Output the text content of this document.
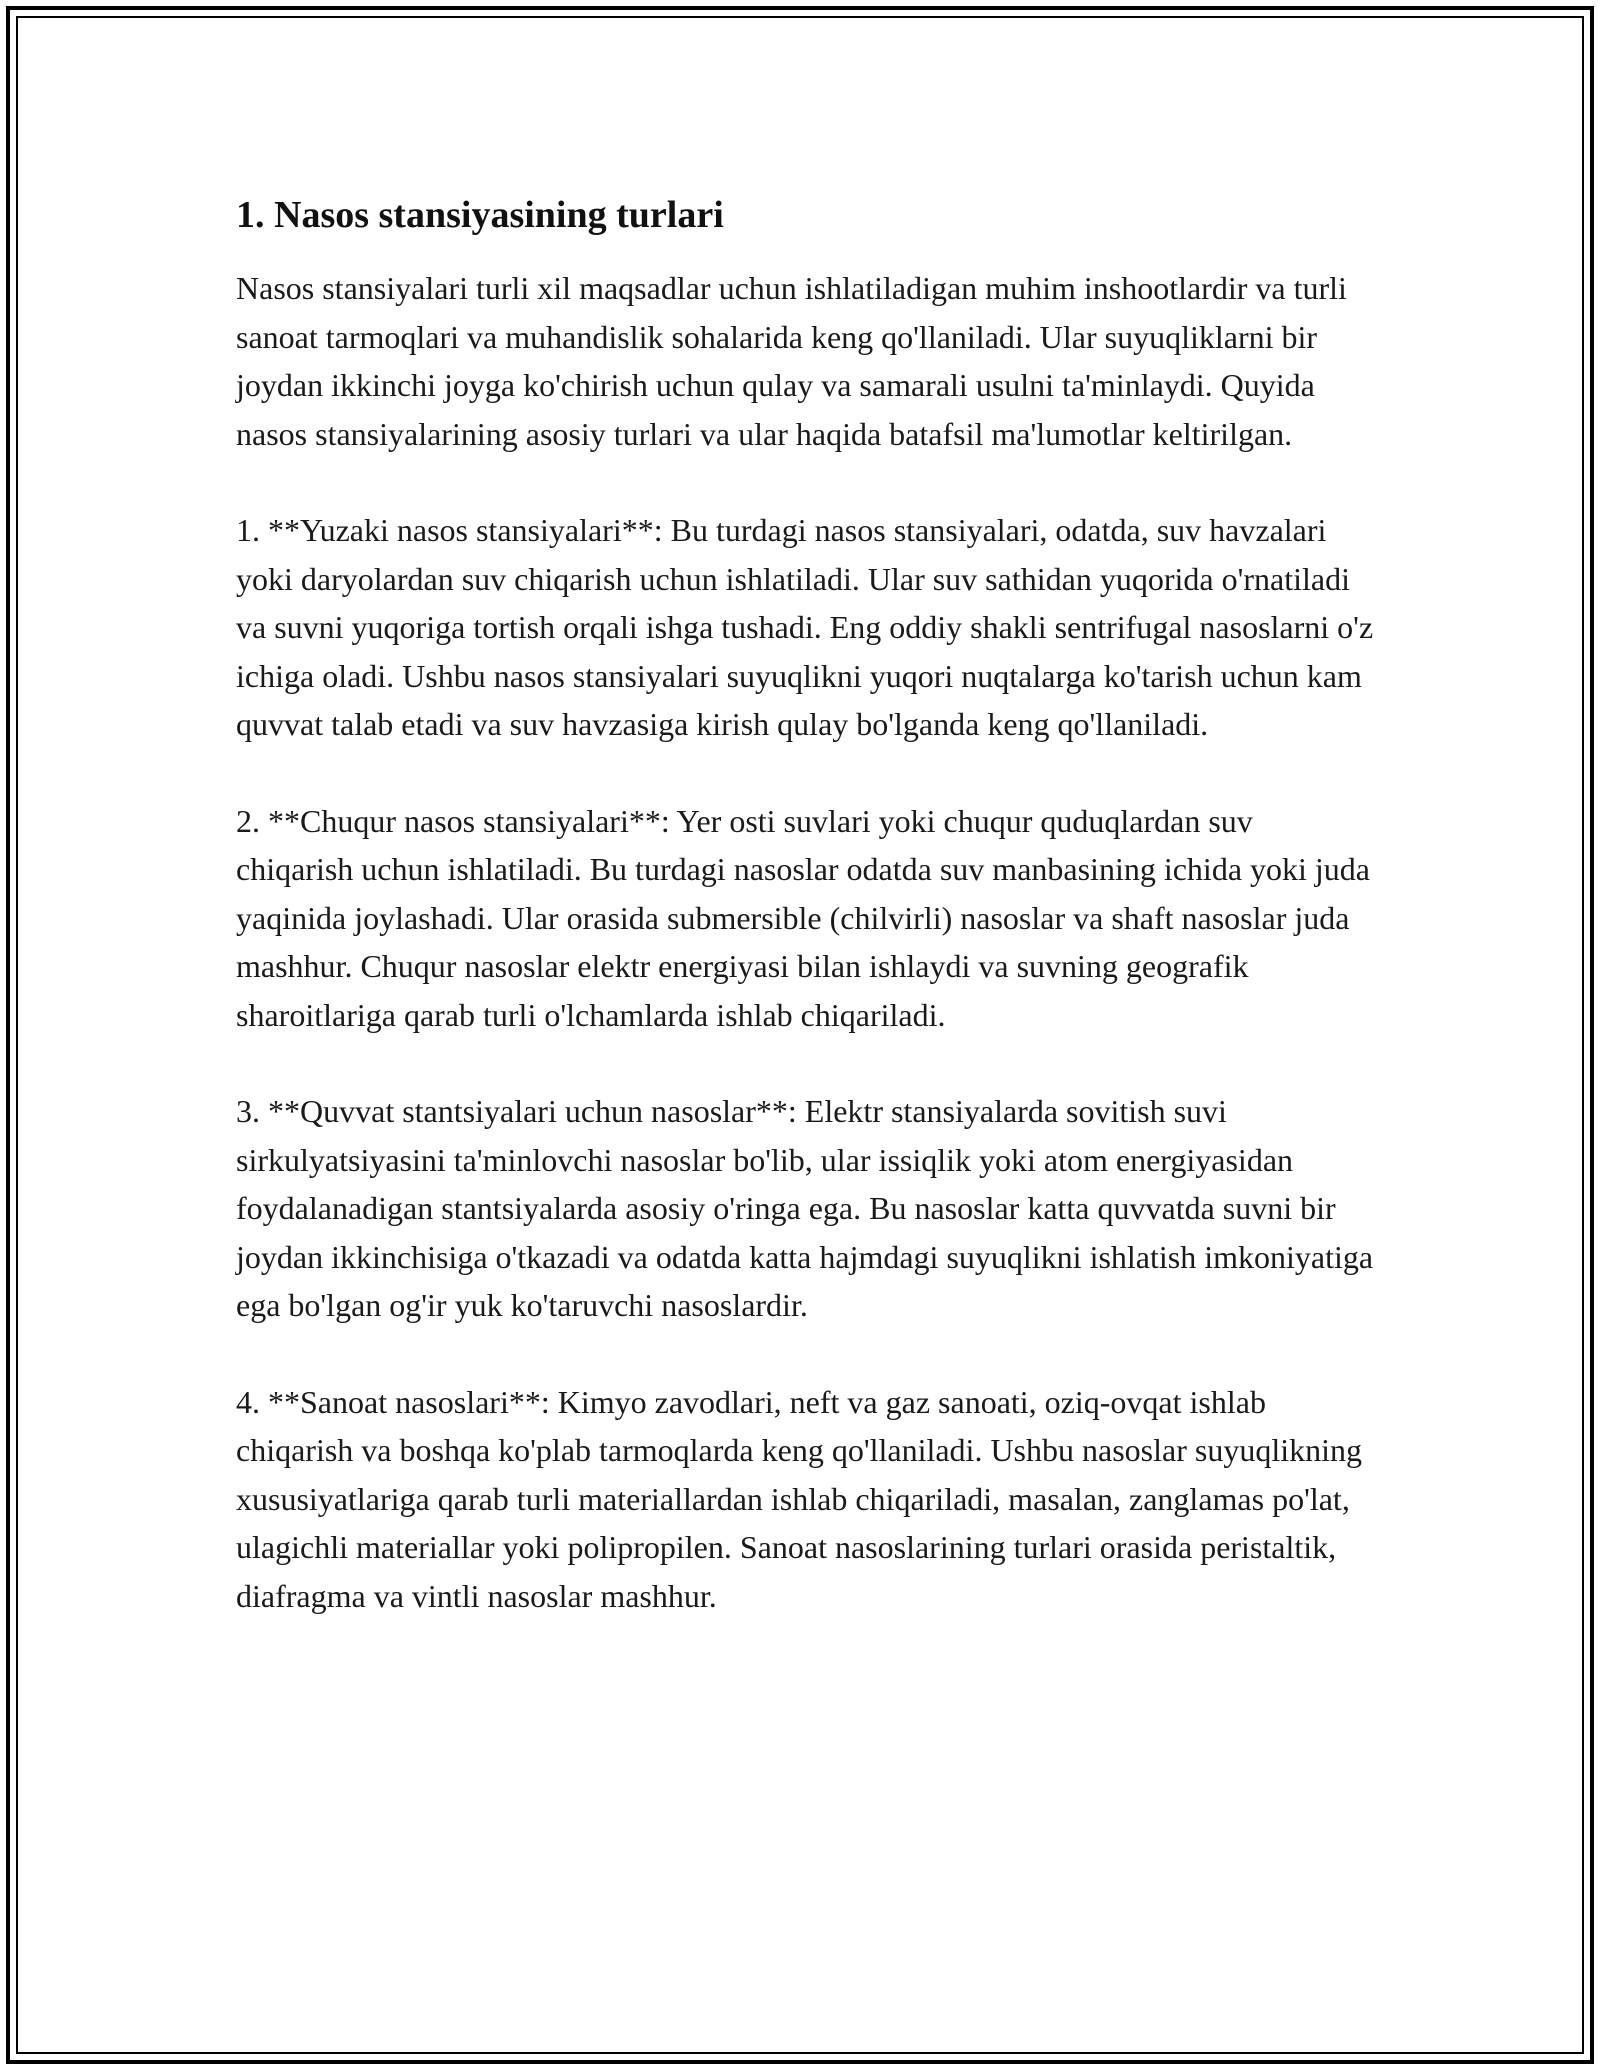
1. Nasos stansiyasining turlari

Nasos stansiyalari turli xil maqsadlar uchun ishlatiladigan muhim inshootlardir va turli sanoat tarmoqlari va muhandislik sohalarida keng qo'llaniladi. Ular suyuqliklarni bir joydan ikkinchi joyga ko'chirish uchun qulay va samarali usulni ta'minlaydi. Quyida nasos stansiyalarining asosiy turlari va ular haqida batafsil ma'lumotlar keltirilgan.

1. **Yuzaki nasos stansiyalari**: Bu turdagi nasos stansiyalari, odatda, suv havzalari yoki daryolardan suv chiqarish uchun ishlatiladi. Ular suv sathidan yuqorida o'rnatiladi va suvni yuqoriga tortish orqali ishga tushadi. Eng oddiy shakli sentrifugal nasoslarni o'z ichiga oladi. Ushbu nasos stansiyalari suyuqlikni yuqori nuqtalarga ko'tarish uchun kam quvvat talab etadi va suv havzasiga kirish qulay bo'lganda keng qo'llaniladi.

2. **Chuqur nasos stansiyalari**: Yer osti suvlari yoki chuqur quduqlardan suv chiqarish uchun ishlatiladi. Bu turdagi nasoslar odatda suv manbasining ichida yoki juda yaqinida joylashadi. Ular orasida submersible (chilvirli) nasoslar va shaft nasoslar juda mashhur. Chuqur nasoslar elektr energiyasi bilan ishlaydi va suvning geografik sharoitlariga qarab turli o'lchamlarda ishlab chiqariladi.

3. **Quvvat stantsiyalari uchun nasoslar**: Elektr stansiyalarda sovitish suvi sirkulyatsiyasini ta'minlovchi nasoslar bo'lib, ular issiqlik yoki atom energiyasidan foydalanadigan stantsiyalarda asosiy o'ringa ega. Bu nasoslar katta quvvatda suvni bir joydan ikkinchisiga o'tkazadi va odatda katta hajmdagi suyuqlikni ishlatish imkoniyatiga ega bo'lgan og'ir yuk ko'taruvchi nasoslardir.

4. **Sanoat nasoslari**: Kimyo zavodlari, neft va gaz sanoati, oziq-ovqat ishlab chiqarish va boshqa ko'plab tarmoqlarda keng qo'llaniladi. Ushbu nasoslar suyuqlikning xususiyatlariga qarab turli materiallardan ishlab chiqariladi, masalan, zanglamas po'lat, ulagichli materiallar yoki polipropilen. Sanoat nasoslarining turlari orasida peristaltik, diafragma va vintli nasoslar mashhur.
